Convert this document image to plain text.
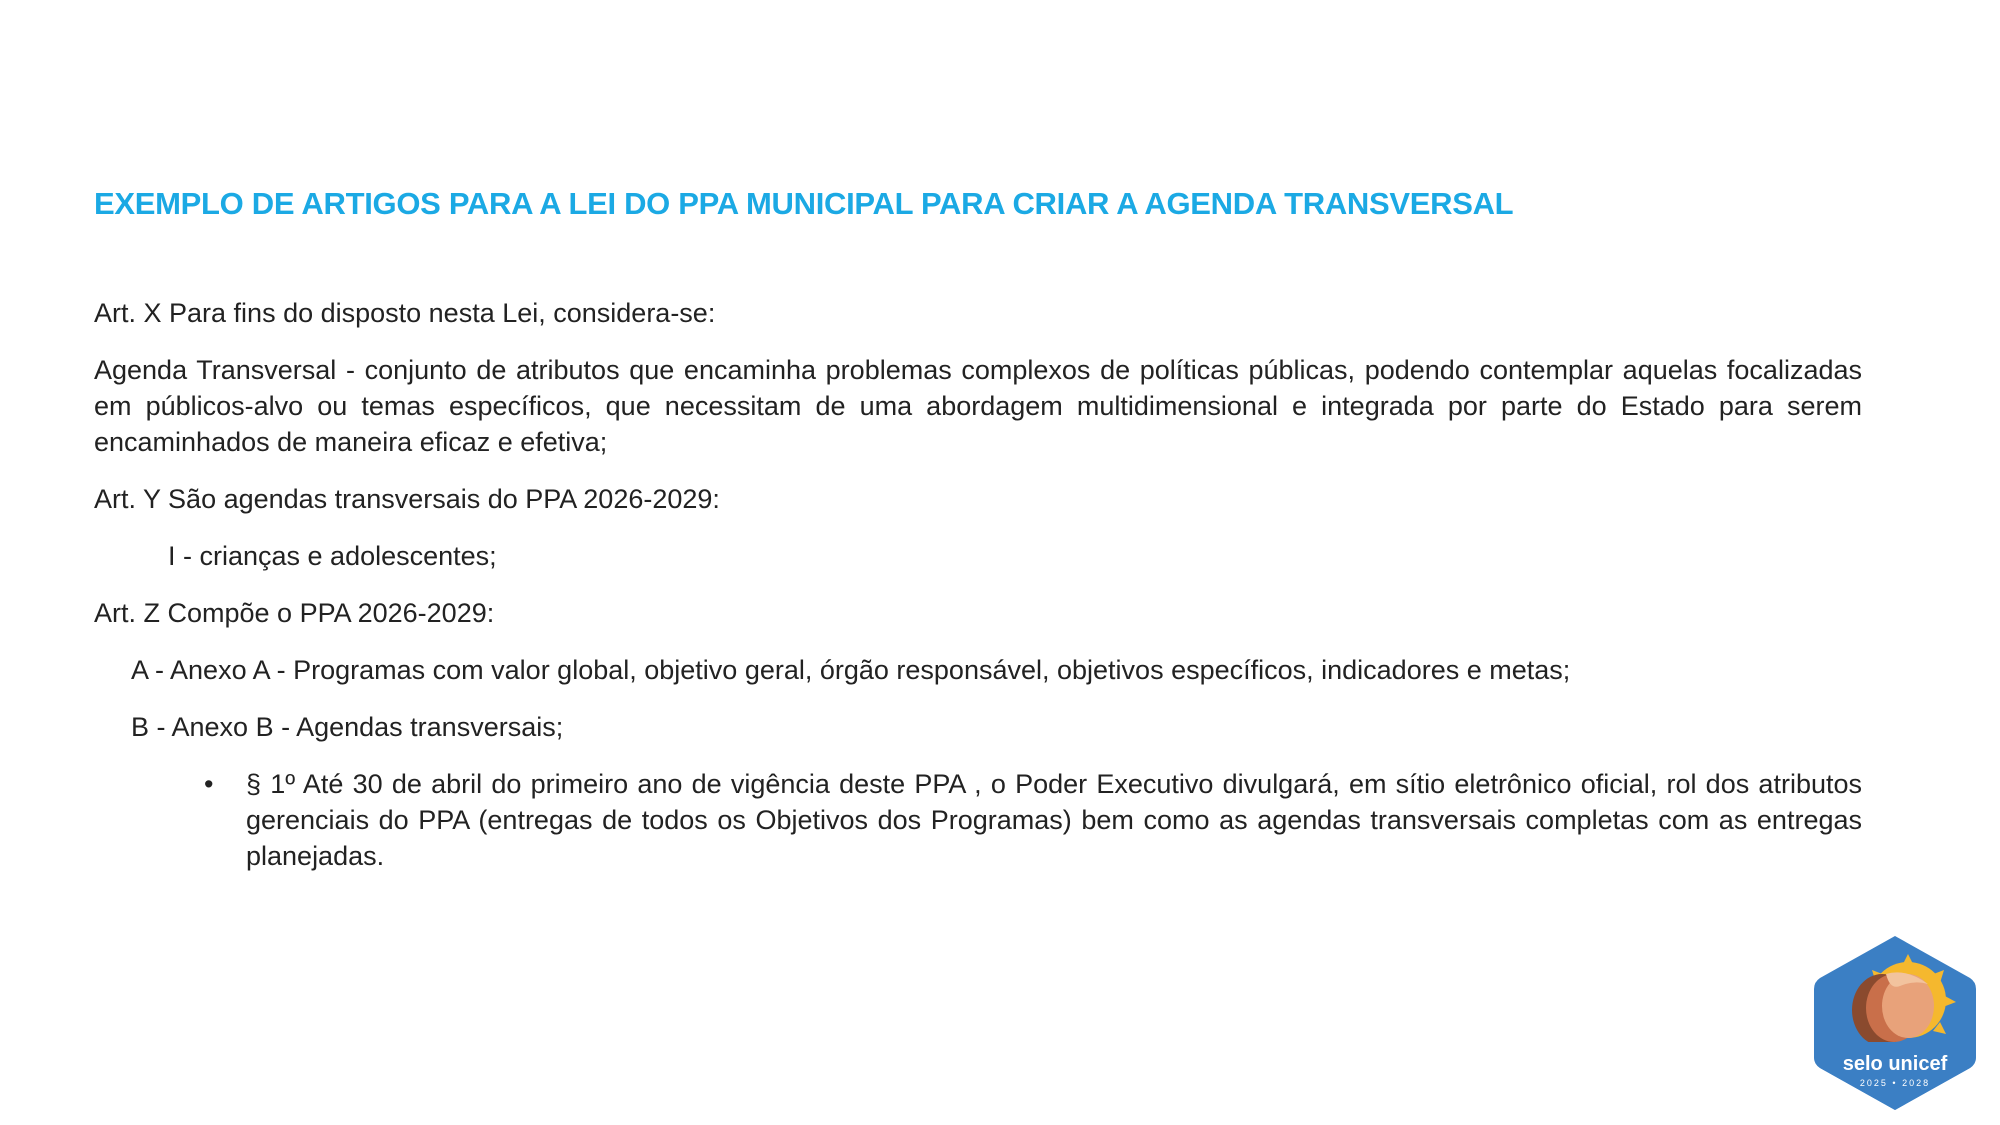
EXEMPLO DE ARTIGOS PARA A LEI DO PPA MUNICIPAL PARA CRIAR A AGENDA TRANSVERSAL

Art. X Para fins do disposto nesta Lei, considera-se:

Agenda Transversal - conjunto de atributos que encaminha problemas complexos de políticas públicas, podendo contemplar aquelas focalizadas em públicos-alvo ou temas específicos, que necessitam de uma abordagem multidimensional e integrada por parte do Estado para serem encaminhados de maneira eficaz e efetiva;

Art. Y São agendas transversais do PPA 2026-2029:

I - crianças e adolescentes;

Art. Z Compõe o PPA 2026-2029:

A - Anexo A - Programas com valor global, objetivo geral, órgão responsável, objetivos específicos, indicadores e metas;

B - Anexo B - Agendas transversais;

•	§ 1º Até 30 de abril do primeiro ano de vigência deste PPA , o Poder Executivo divulgará, em sítio eletrônico oficial, rol dos atributos gerenciais do PPA (entregas de todos os Objetivos dos Programas) bem como as agendas transversais completas com as entregas planejadas.
selo unicef
2025 • 2028
